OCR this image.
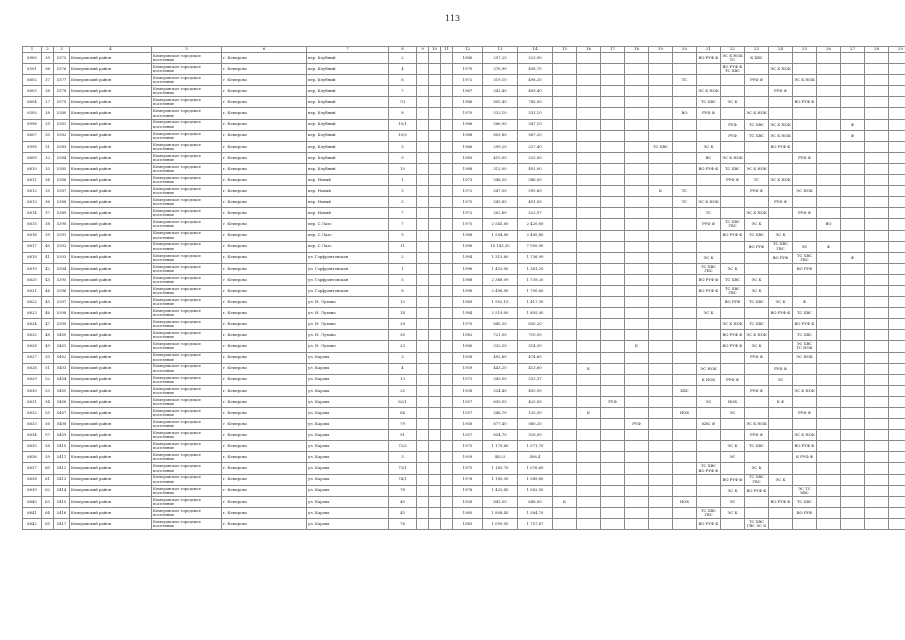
113
1	2	3	4	5	6	7	8	9	10	11	12	13	14	15	16	17	18	19	20	21	22	23	24	25	26	27	28	29
6900	35	5375	Кемеровский район	Кемеровское городское поселение	г. Кемерово	пер. Клубный	2				1966	297,20	523,90							ВО РУФ Ф	ЭС К НОК ТС	К ХВС						
6501	36	5376	Кемеровский район	Кемеровское городское поселение	г. Кемерово	пер. Клубный	4				1970	376,90	498,70								ВО РУФ Ф ТС ХВС		ЭС К НОК					
6602	37	5377	Кемеровский район	Кемеровское городское поселение	г. Кемерово	пер. Клубный	6				1972	319,10	496,20						ТС			РУФ Ф		ЭС К НОК				
6603	38	5378	Кемеровский район	Кемеровское городское поселение	г. Кемерово	пер. Клубный	7				1967	342,40	489,40							ЭС К НОК			РУФ Ф					
6604	27	5379	Кемеровский район	Кемеровское городское поселение	г. Кемерово	пер. Клубный	7/1				1986	805,40	745,00							ТС ХВС	ЭС К			ВО РУФ Ф				
6505	28	5380	Кемеровский район	Кемеровское городское поселение	г. Кемерово	пер. Клубный	8				1970	532,10	531,10						ВО	РУФ Ф		ЭС К НОК						
6996	29	5381	Кемеровский район	Кемеровское городское поселение	г. Кемерово	пер. Клубный	10/1				1986	586,90	547,10								РУФ	ТС ХВС	ЭС К НОК			Ф		
6607	30	5382	Кемеровский район	Кемеровское городское поселение	г. Кемерово	пер. Клубный	10/3				1988	603,80	567,20								РУФ	ТС ХВС	ЭС К НОК			Ф		
6998	31	5383	Кемеровский район	Кемеровское городское поселение	г. Кемерово	пер. Клубный	5				1966	299,20	527,40					ТС ХВС		ЭС К			ВО РУФ Ф					
6609	32	5384	Кемеровский район	Кемеровское городское поселение	г. Кемерово	пер. Клубный	9				1985	415,00	525,00							ВС	ЭС К НОК			РУФ Ф				
6610	33	5385	Кемеровский район	Кемеровское городское поселение	г. Кемерово	пер. Клубный	15				1988	312,00	492,00							ВО РУФ Ф	ТС ХВС	ЭС К НОК						
6611	34	5386	Кемеровский район	Кемеровское городское поселение	г. Кемерово	пер. Новый	1				1973	346,50	586,00								РУФ Ф	ТС	ЭС К НОК					
6612	35	5387	Кемеровский район	Кемеровское городское поселение	г. Кемерово	пер. Новый	3				1972	547,00	595,80					К	ТС			РУФ Ф		ЭС НОК				
6613	36	5388	Кемеровский район	Кемеровское городское поселение	г. Кемерово	пер. Новый	5				1975	543,80	491,00						ТС	ЭС К НОК			РУФ Ф					
6614	37	5389	Кемеровский район	Кемеровское городское поселение	г. Кемерово	пер. Новый	7				1972	502,60	522,97							ТС		ЭС К НОК		РУФ Ф				
6615	38	5390	Кемеровский район	Кемеровское городское поселение	г. Кемерово	пер. С.Лазо	7				1975	2 545,60	2 420,60							РУФ Ф	ТС ХВС ГВС	ЭС К			ВО			
6616	39	5391	Кемеровский район	Кемеровское городское поселение	г. Кемерово	пер. С.Лазо	9				1988	1 594,80	2 400,80								ВО РУФ Ф	ТС ХВС	ЭС К					
6617	40	5392	Кемеровский район	Кемеровское городское поселение	г. Кемерово	пер. С.Лазо	11				1996	10 145,30	7 950,90									ВО РУФ	ТС ХВС ГВС	ЭС	Ф			
6618	41	5393	Кемеровский район	Кемеровское городское поселение	г. Кемерово	ул. Горфронтовская	2				1994	1 315,60	1 736,99							ЭС К			ВО РУФ	ТС ХВС ГВС		Ф		
6619	42	5394	Кемеровский район	Кемеровское городское поселение	г. Кемерово	ул. Горфронтовская	1				1996	1 453,00	1 361,20							ТС ХВС ГВС	ЭС К			ВО РУФ				
6620	43	5395	Кемеровский район	Кемеровское городское поселение	г. Кемерово	ул. Горфронтовская	5				1988	2 388,09	1 739,20							ВО РУФ Ф	ТС ХВС	ЭС К						
6621	44	5396	Кемеровский район	Кемеровское городское поселение	г. Кемерово	ул. Горфронтовская	8				1996	2 496,90	1 790,60							ВО РУФ Ф	ТС ХВС ГВС	ЭС К						
6622	45	5397	Кемеровский район	Кемеровское городское поселение	г. Кемерово	ул. Н. Лузина	12				1969	1 952,10	1 417,30								ВО РУФ	ТС ХВС	ЭС К	Ф				
6623	46	5398	Кемеровский район	Кемеровское городское поселение	г. Кемерово	ул. Н. Лузина	14				1984	2 519,00	1 805,00							ЭС К			ВО РУФ Ф	ТС ХВС				
6624	47	5399	Кемеровский район	Кемеровское городское поселение	г. Кемерово	ул. Н. Лузина	29				1970	840,30	830,20								ЭС К НОК	ТС ХВС		ВО РУФ Ф				
6625	48	5400	Кемеровский район	Кемеровское городское поселение	г. Кемерово	ул. Н. Лузина	30				1982	721,00	710,00								ВО РУФ Ф	ЭС К НОК		ТС ХВС				
6626	49	5401	Кемеровский район	Кемеровское городское поселение	г. Кемерово	ул. Н. Лузина	23				1966	332,50	514,30				К				ВО РУФ Ф	ЭС К		ЭС ХВС ТС НОК				
6627	50	5402	Кемеровский район	Кемеровское городское поселение	г. Кемерово	ул. Карова	3				1958	492,60	474,60									РУФ Ф		ЭС НОК				
6628	51	5403	Кемеровский район	Кемеровское городское поселение	г. Кемерово	ул. Карова	4				1959	443,20	413,60		К					ЭС НОК			РУФ Ф					
6629	52	5404	Кемеровский район	Кемеровское городское поселение	г. Кемерово	ул. Карова	13				1971	343,00	532,37							К НОК	РУФ Ф		ЭС					
6630	53	5405	Кемеровский район	Кемеровское городское поселение	г. Кемерово	ул. Карова	25				1958	534,40	495,90						ХВС			РУФ Ф		ЭС К НОК				
6631	54	5406	Кемеровский район	Кемеровское городское поселение	г. Кемерово	ул. Карова	62/1				1957	630,00	425,00			РУФ				ЭС	НОК		К Ф					
6632	55	5407	Кемеровский район	Кемеровское городское поселение	г. Кемерово	ул. Карова	64				1957	546,70	125,30		К				НОК		ЭС			РУФ Ф				
6633	56	5408	Кемеровский район	Кемеровское городское поселение	г. Кемерово	ул. Карова	79				1958	677,40	580,20				РУФ			КВС Ф		ЭС К НОК						
6634	57	5409	Кемеровский район	Кемеровское городское поселение	г. Кемерово	ул. Карова	91				1957	654,70	516,00									РУФ Ф		ЭС К НОК				
6635	58	5410	Кемеровский район	Кемеровское городское поселение	г. Кемерово	ул. Карова	72/2				1975	1 179,60	1 071,70								ЭС К	ТС ХВС		ВО РУФ Ф				
6636	59	5411	Кемеровский район	Кемеровское городское поселение	г. Кемерово	ул. Карова	3				1959	482,5	496,4								ЭС			К РУФ Ф				
6637	60	5412	Кемеровский район	Кемеровское городское поселение	г. Кемерово	ул. Карова	73/1				1975	1 165,70	1 076,60							ТС ХВС ВО РУФ Ф		ЭС К						
6638	61	5413	Кемеровский район	Кемеровское городское поселение	г. Кемерово	ул. Карова	74/1				1978	1 185,30	1 049,80								ВО РУФ Ф	ТС ХВС ГВС	ЭС К					
6639	62	5414	Кемеровский район	Кемеровское городское поселение	г. Кемерово	ул. Карова	78				1978	1 420,40	1 062,50								ЭС К	ВО РУФ Ф		ЭС ТС ХВС				
6640	63	5415	Кемеровский район	Кемеровское городское поселение	г. Кемерово	ул. Карова	40				1958	843,50	648,00	К					НОК		ЭС		ВО РУФ Ф	ТС ХВС				
6641	64	5416	Кемеровский район	Кемеровское городское поселение	г. Кемерово	ул. Карова	45				1985	1 808,40	1 564,70							ТС ХВС ГВС	ЭС К			ВО РУФ				
6642	65	5417	Кемеровский район	Кемеровское городское поселение	г. Кемерово	ул. Карова	76				1983	1 099,00	1 757,87							ВО РУФ Ф		ТС ХВС ГВС ЭС К						
